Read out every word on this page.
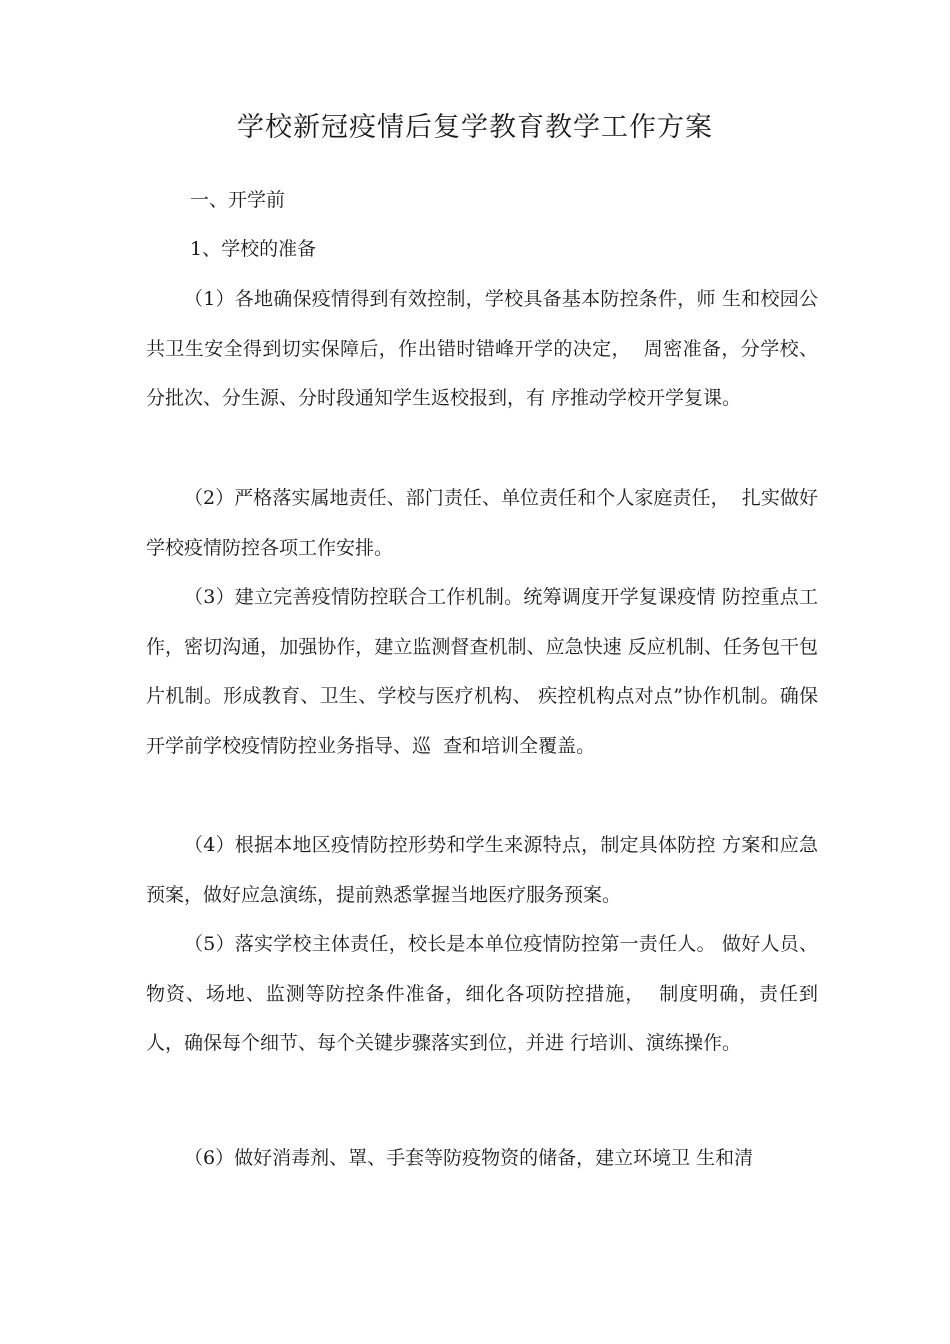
学校新冠疫情后复学教育教学工作方案
一、开学前
1、学校的准备

（1）各地确保疫情得到有效控制，学校具备基本防控条件，师 生和校园公共卫生安全得到切实保障后，作出错时错峰开学的决定，  周密准备，分学校、分批次、分生源、分时段通知学生返校报到，有 序推动学校开学复课。

（2）严格落实属地责任、部门责任、单位责任和个人家庭责任，  扎实做好学校疫情防控各项工作安排。

（3）建立完善疫情防控联合工作机制。统筹调度开学复课疫情 防控重点工作，密切沟通，加强协作，建立监测督查机制、应急快速 反应机制、任务包干包片机制。形成教育、卫生、学校与医疗机构、 疾控机构点对点”协作机制。确保开学前学校疫情防控业务指导、巡  查和培训全覆盖。

（4）根据本地区疫情防控形势和学生来源特点，制定具体防控 方案和应急预案，做好应急演练，提前熟悉掌握当地医疗服务预案。

（5）落实学校主体责任，校长是本单位疫情防控第一责任人。 做好人员、物资、场地、监测等防控条件准备，细化各项防控措施，  制度明确，责任到人，确保每个细节、每个关键步骤落实到位，并进 行培训、演练操作。

（6）做好消毒剂、罩、手套等防疫物资的储备，建立环境卫 生和清
